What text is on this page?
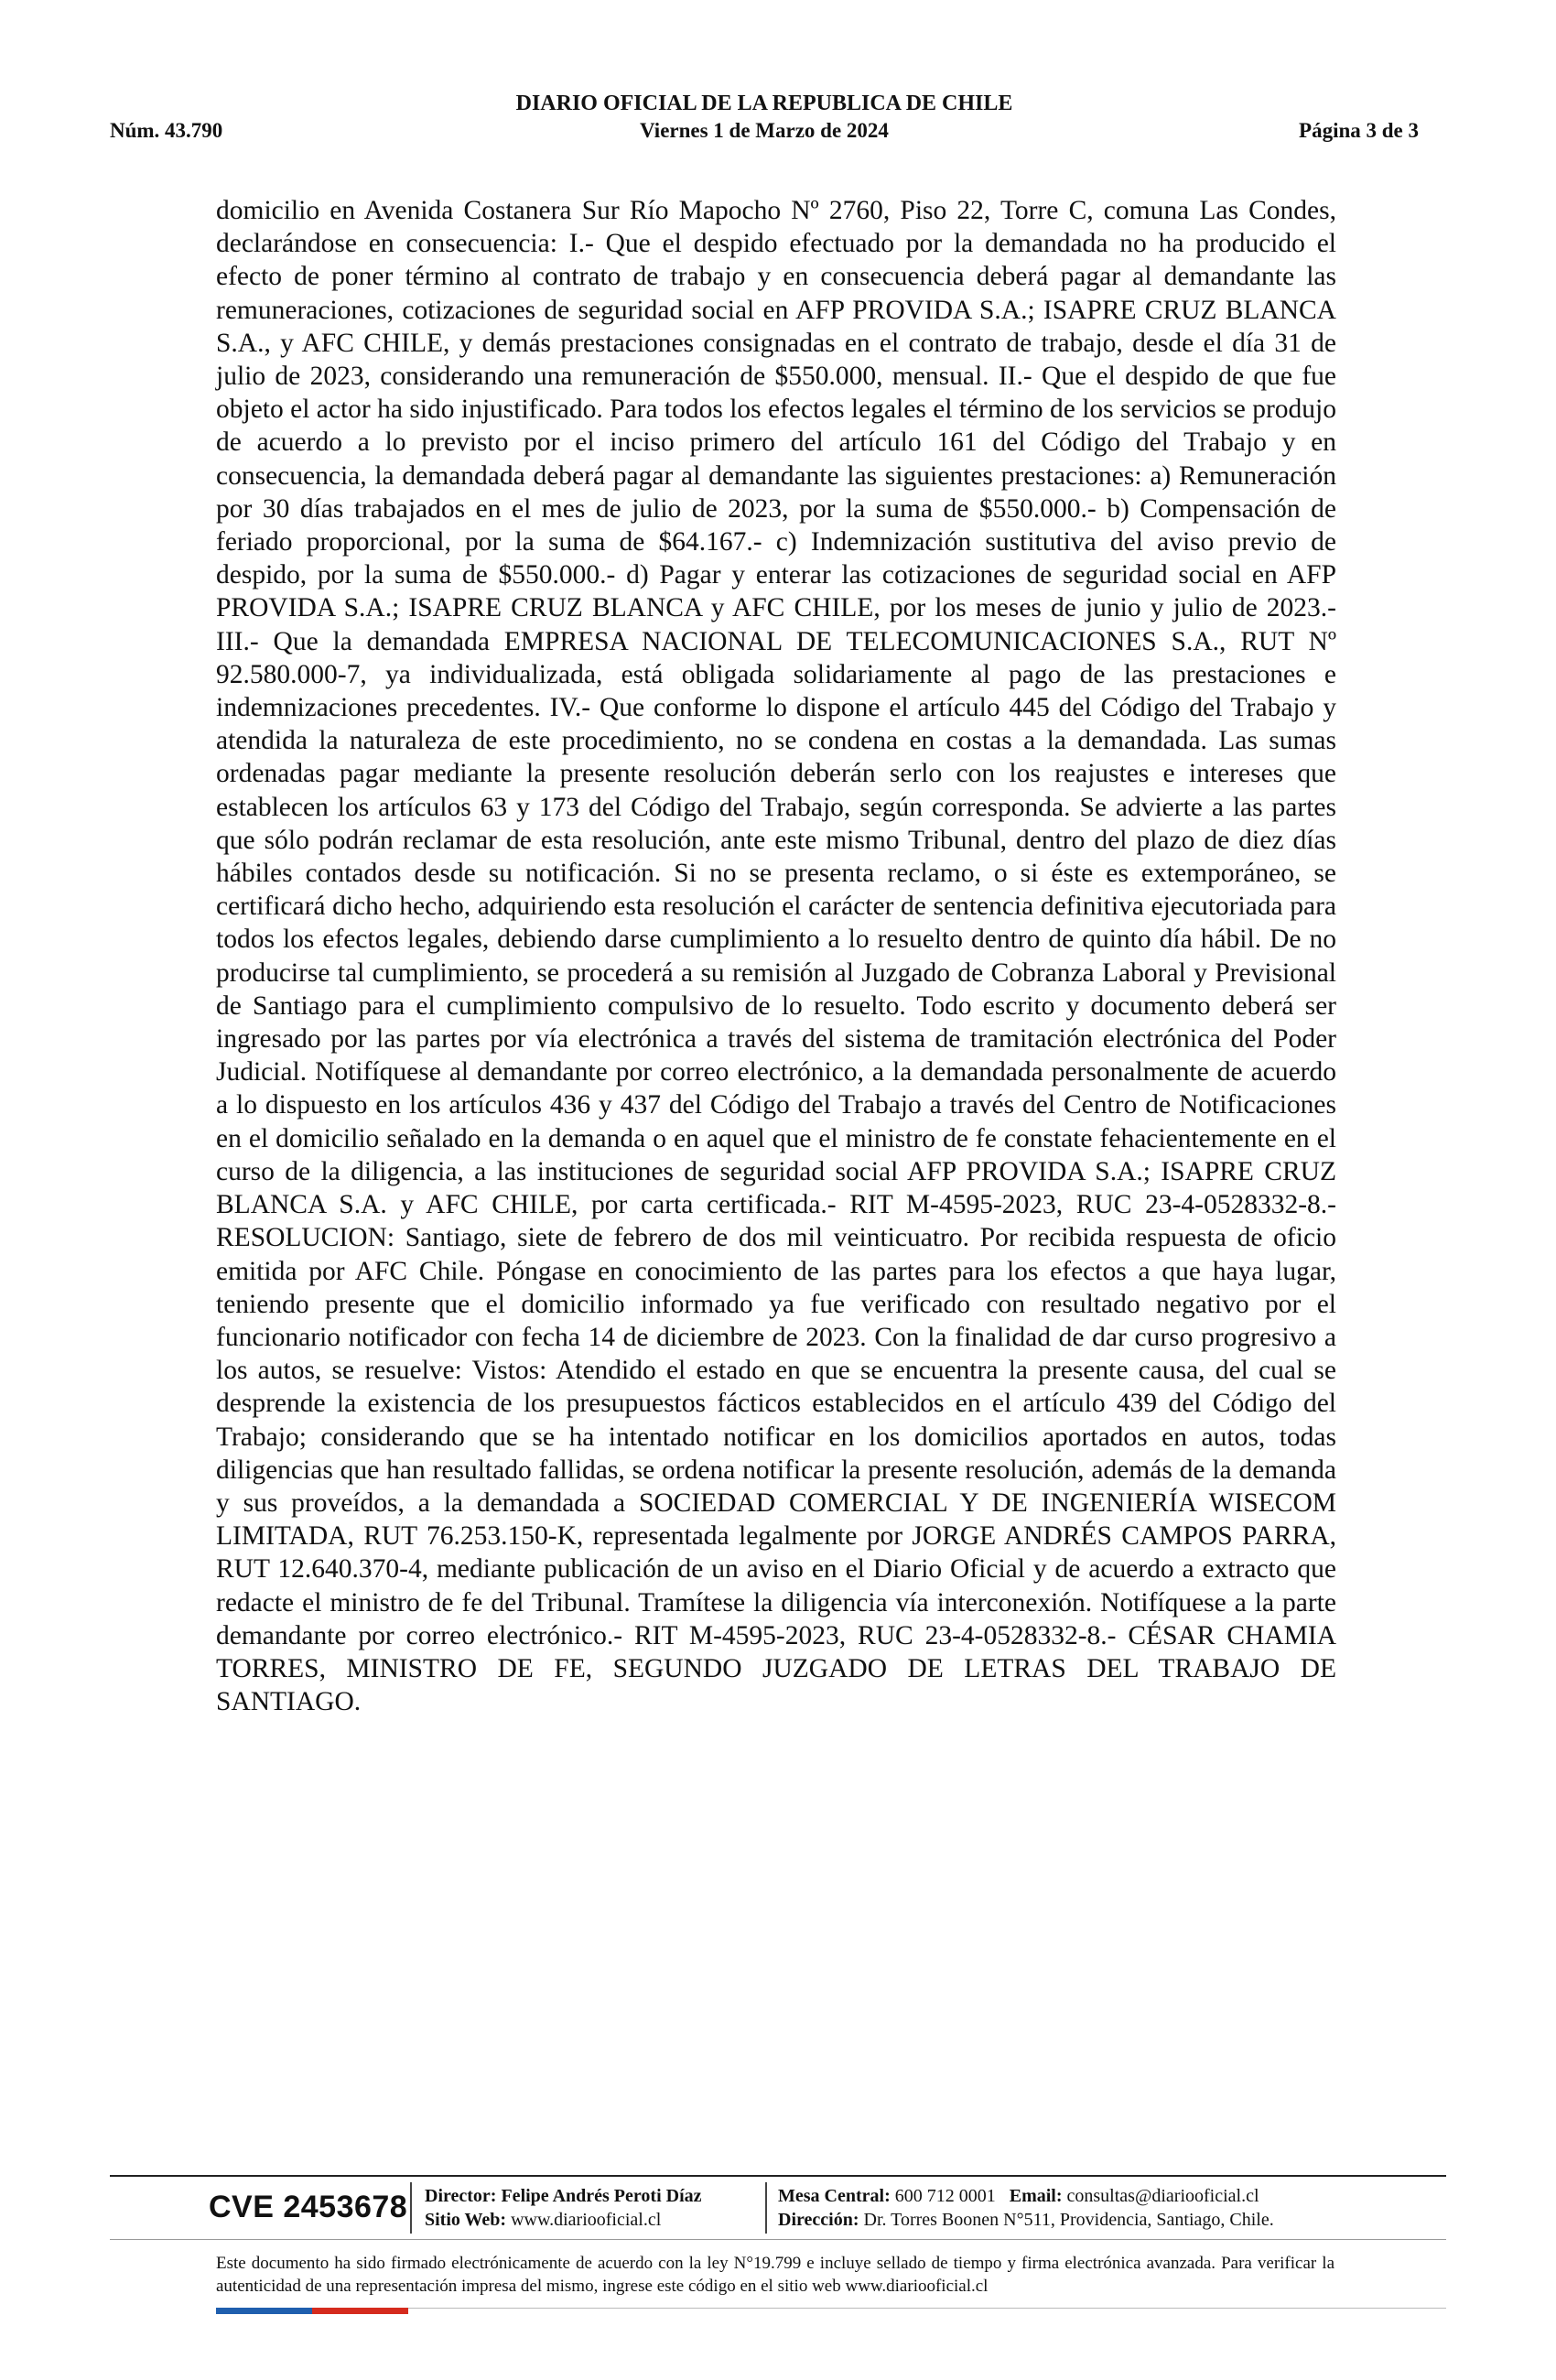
DIARIO OFICIAL DE LA REPUBLICA DE CHILE
Núm. 43.790	Viernes 1 de Marzo de 2024	Página 3 de 3
domicilio en Avenida Costanera Sur Río Mapocho Nº 2760, Piso 22, Torre C, comuna Las Condes, declarándose en consecuencia: I.- Que el despido efectuado por la demandada no ha producido el efecto de poner término al contrato de trabajo y en consecuencia deberá pagar al demandante las remuneraciones, cotizaciones de seguridad social en AFP PROVIDA S.A.; ISAPRE CRUZ BLANCA S.A., y AFC CHILE, y demás prestaciones consignadas en el contrato de trabajo, desde el día 31 de julio de 2023, considerando una remuneración de $550.000, mensual. II.- Que el despido de que fue objeto el actor ha sido injustificado. Para todos los efectos legales el término de los servicios se produjo de acuerdo a lo previsto por el inciso primero del artículo 161 del Código del Trabajo y en consecuencia, la demandada deberá pagar al demandante las siguientes prestaciones: a) Remuneración por 30 días trabajados en el mes de julio de 2023, por la suma de $550.000.- b) Compensación de feriado proporcional, por la suma de $64.167.- c) Indemnización sustitutiva del aviso previo de despido, por la suma de $550.000.- d) Pagar y enterar las cotizaciones de seguridad social en AFP PROVIDA S.A.; ISAPRE CRUZ BLANCA y AFC CHILE, por los meses de junio y julio de 2023.- III.- Que la demandada EMPRESA NACIONAL DE TELECOMUNICACIONES S.A., RUT Nº 92.580.000-7, ya individualizada, está obligada solidariamente al pago de las prestaciones e indemnizaciones precedentes. IV.- Que conforme lo dispone el artículo 445 del Código del Trabajo y atendida la naturaleza de este procedimiento, no se condena en costas a la demandada. Las sumas ordenadas pagar mediante la presente resolución deberán serlo con los reajustes e intereses que establecen los artículos 63 y 173 del Código del Trabajo, según corresponda. Se advierte a las partes que sólo podrán reclamar de esta resolución, ante este mismo Tribunal, dentro del plazo de diez días hábiles contados desde su notificación. Si no se presenta reclamo, o si éste es extemporáneo, se certificará dicho hecho, adquiriendo esta resolución el carácter de sentencia definitiva ejecutoriada para todos los efectos legales, debiendo darse cumplimiento a lo resuelto dentro de quinto día hábil. De no producirse tal cumplimiento, se procederá a su remisión al Juzgado de Cobranza Laboral y Previsional de Santiago para el cumplimiento compulsivo de lo resuelto. Todo escrito y documento deberá ser ingresado por las partes por vía electrónica a través del sistema de tramitación electrónica del Poder Judicial. Notifíquese al demandante por correo electrónico, a la demandada personalmente de acuerdo a lo dispuesto en los artículos 436 y 437 del Código del Trabajo a través del Centro de Notificaciones en el domicilio señalado en la demanda o en aquel que el ministro de fe constate fehacientemente en el curso de la diligencia, a las instituciones de seguridad social AFP PROVIDA S.A.; ISAPRE CRUZ BLANCA S.A. y AFC CHILE, por carta certificada.- RIT M-4595-2023, RUC 23-4-0528332-8.- RESOLUCION: Santiago, siete de febrero de dos mil veinticuatro. Por recibida respuesta de oficio emitida por AFC Chile. Póngase en conocimiento de las partes para los efectos a que haya lugar, teniendo presente que el domicilio informado ya fue verificado con resultado negativo por el funcionario notificador con fecha 14 de diciembre de 2023. Con la finalidad de dar curso progresivo a los autos, se resuelve: Vistos: Atendido el estado en que se encuentra la presente causa, del cual se desprende la existencia de los presupuestos fácticos establecidos en el artículo 439 del Código del Trabajo; considerando que se ha intentado notificar en los domicilios aportados en autos, todas diligencias que han resultado fallidas, se ordena notificar la presente resolución, además de la demanda y sus proveídos, a la demandada a SOCIEDAD COMERCIAL Y DE INGENIERÍA WISECOM LIMITADA, RUT 76.253.150-K, representada legalmente por JORGE ANDRÉS CAMPOS PARRA, RUT 12.640.370-4, mediante publicación de un aviso en el Diario Oficial y de acuerdo a extracto que redacte el ministro de fe del Tribunal. Tramítese la diligencia vía interconexión. Notifíquese a la parte demandante por correo electrónico.- RIT M-4595-2023, RUC 23-4-0528332-8.- CÉSAR CHAMIA TORRES, MINISTRO DE FE, SEGUNDO JUZGADO DE LETRAS DEL TRABAJO DE SANTIAGO.
CVE 2453678 Director: Felipe Andrés Peroti Díaz
Sitio Web: www.diariooficial.cl
Mesa Central: 600 712 0001 Email: consultas@diariooficial.cl
Dirección: Dr. Torres Boonen N°511, Providencia, Santiago, Chile.
Este documento ha sido firmado electrónicamente de acuerdo con la ley N°19.799 e incluye sellado de tiempo y firma electrónica avanzada. Para verificar la autenticidad de una representación impresa del mismo, ingrese este código en el sitio web www.diariooficial.cl
